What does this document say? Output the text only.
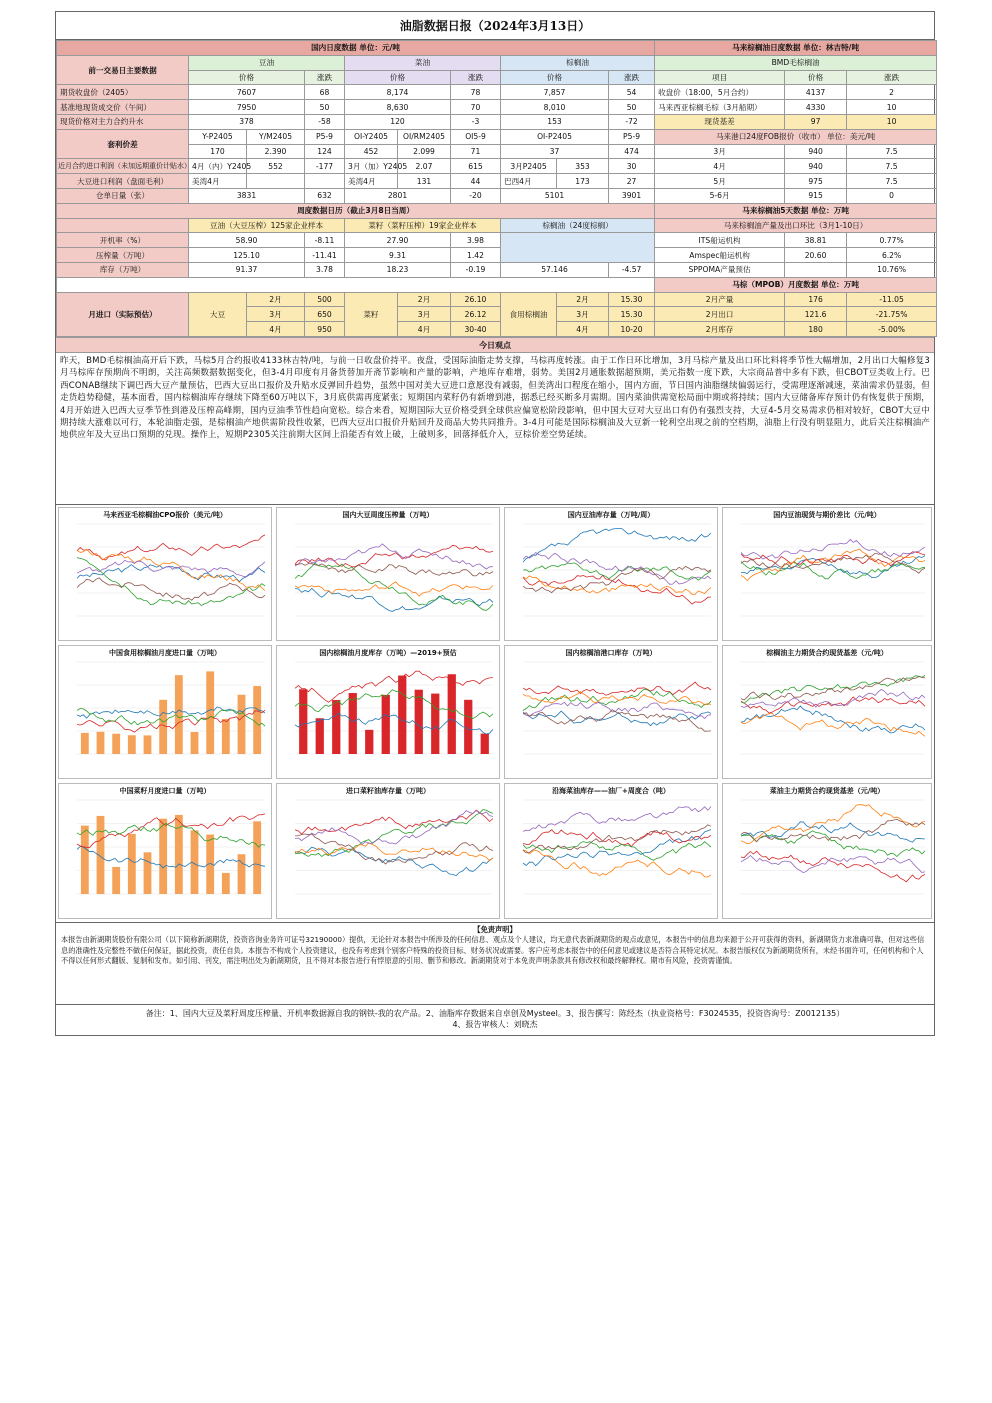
油脂数据日报（2024年3月13日）
国内日度数据 单位：元/吨										马来棕榈油日度数据 单位：林吉特/吨		
前一交易日主要数据	豆油			菜油			棕榈油			BMD毛棕榈油		
	价格		涨跌	价格		涨跌	价格		涨跌	项目	价格	涨跌
期货收盘价（2405）	7607		68	8,174		78	7,857		54	收盘价（18:00，5月合约）	4137	2
基准地现货成交价（午间）	7950		50	8,630		70	8,010		50	马来西亚棕榈毛棕（3月船期）	4330	10
现货价格对主力合约升水	378		-58	120		-3	153		-72	现货基差	97	10
套利价差	Y-P2405	Y/M2405	P5-9	OI-Y2405	OI/RM2405	OI5-9	OI-P2405		P5-9	马来港口24度FOB报价（收市） 单位：美元/吨		
	170	2.390	124	452	2.099	71	37		474	3月	940	7.5
近月合约进口利润（未加远期重价计贴水）	4月（内）Y2405	552	-177	3月（加）Y2405	2.07	615	3月P2405	353	30	4月	940	7.5
大豆进口利润（盘面毛利）	美湾4月			美湾4月	131	44	巴西4月	173	27	5月	975	7.5
仓单日量（张）	3831		632	2801		-20	5101		3901	5-6月	915	0
周度数据日历（截止3月8日当周）										马来棕榈油5天数据 单位：万吨		
	豆油（大豆压榨）125家企业样本			菜籽（菜籽压榨）19家企业样本			棕榈油（24度棕榈）			马来棕榈油产量及出口环比（3月1-10日）		
开机率（%）	58.90		-8.11	27.90		3.98				ITS船运机构	38.81	0.77%
压榨量（万吨）	125.10		-11.41	9.31		1.42				Amspec船运机构	20.60	6.2%
库存（万吨）	91.37		3.78	18.23		-0.19	57.146		-4.57	SPPOMA产量预估		10.76%
										马棕（MPOB）月度数据 单位：万吨		
月进口（实际预估）	大豆	2月	500	菜籽	2月	26.10	食用棕榈油	2月	15.30	2月产量	176	-11.05
		3月	650		3月	26.12		3月	15.30	2月出口	121.6	-21.75%
		4月	950		4月	30-40		4月	10-20	2月库存	180	-5.00%
今日观点
昨天，BMD毛棕榈油高开后下跌，马棕5月合约报收4133林吉特/吨，与前一日收盘价持平。夜盘，受国际油脂走势支撑，马棕再度转涨。由于工作日环比增加，3月马棕产量及出口环比料将季节性大幅增加，2月出口大幅修复3月马棕库存预期尚不明朗，关注高频数据数据变化，但3-4月印度有月备货替加开斋节影响和产量的影响，产地库存难增，弱势。美国2月通胀数据超预期，美元指数一度下跌，大宗商品普中多有下跌，但CBOT豆类收上行。巴西CONAB继续下调巴西大豆产量预估，巴西大豆出口报价及升贴水反弹回升趋势，虽然中国对美大豆进口意愿没有减弱，但美湾出口程度在缩小，国内方面，节日国内油脂继续偏弱运行，受需理逐渐减速，菜油需求仍显弱，但走货趋势稳健，基本面看，国内棕榈油库存继续下降至60万吨以下，3月底供需再度紧张；短期国内菜籽仍有新增到港，据悉已经买断多月需期。国内菜油供需宽松局面中期或将持续；国内大豆储备库存预计仍有恢复供于预期，4月开始进入巴西大豆季节性到港及压榨高峰期，国内豆油季节性趋向宽松。综合来看，短期国际大豆价格受到全球供应偏宽松阶段影响，但中国大豆对大豆出口有仍有强烈支持，大豆4-5月交易需求仍相对较好，CBOT大豆中期持续大涨难以可行，本轮油脂走强，是棕榈油产地供需阶段性收紧，巴西大豆出口报价升贴回升及商品大势共同推升。3-4月可能是国际棕榈油及大豆新一轮利空出现之前的空档期，油脂上行没有明显阻力，此后关注棕榈油产地供应年及大豆出口预期的兑现。操作上，短期P2305关注前期大区间上沿能否有效上破，上破则多，回落择低介入，豆棕价差空势延续。
马来西亚毛棕榈油CPO报价（美元/吨）	国内大豆周度压榨量（万吨）	国内豆油库存量（万吨/周）	国内豆油现货与期价差比（元/吨）
中国食用棕榈油月度进口量（万吨）	国内棕榈油月度库存（万吨）—2019+预估	国内棕榈油港口库存（万吨）	棕榈油主力期货合约现货基差（元/吨）
中国菜籽月度进口量（万吨）	进口菜籽油库存量（万吨）	沿海菜油库存——油厂+周度合（吨）	菜油主力期货合约现货基差（元/吨）
【免责声明】
本报告由新湖期货股份有限公司（以下简称新湖期货，投资咨询业务许可证号32190000）提供，无论针对本报告中所涉及的任何信息、观点及个人建议，均无意代表新湖期货的观点或意见，本报告中的信息均来源于公开可获得的资料，新湖期货力求准确可靠，但对这些信息的准确性及完整性不做任何保证，据此投资，责任自负。本报告不构成个人投资建议，也没有考虑到个别客户特殊的投资目标、财务状况或需要。客户应考虑本报告中的任何意见或建议是否符合其特定状况。本报告版权仅为新湖期货所有，未经书面许可，任何机构和个人不得以任何形式翻版、复制和发布。如引用、刊发，需注明出处为新湖期货，且不得对本报告进行有悖原意的引用、删节和修改。新湖期货对于本免责声明条款具有修改权和最终解释权。期市有风险，投资需谨慎。
备注：1、国内大豆及菜籽周度压榨量、开机率数据源自我的钢铁-我的农产品。2、油脂库存数据来自卓创及Mysteel。3、报告撰写：陈经杰（执业资格号：F3024535，投资咨询号：Z0012135）
4、报告审核人：刘晓杰
